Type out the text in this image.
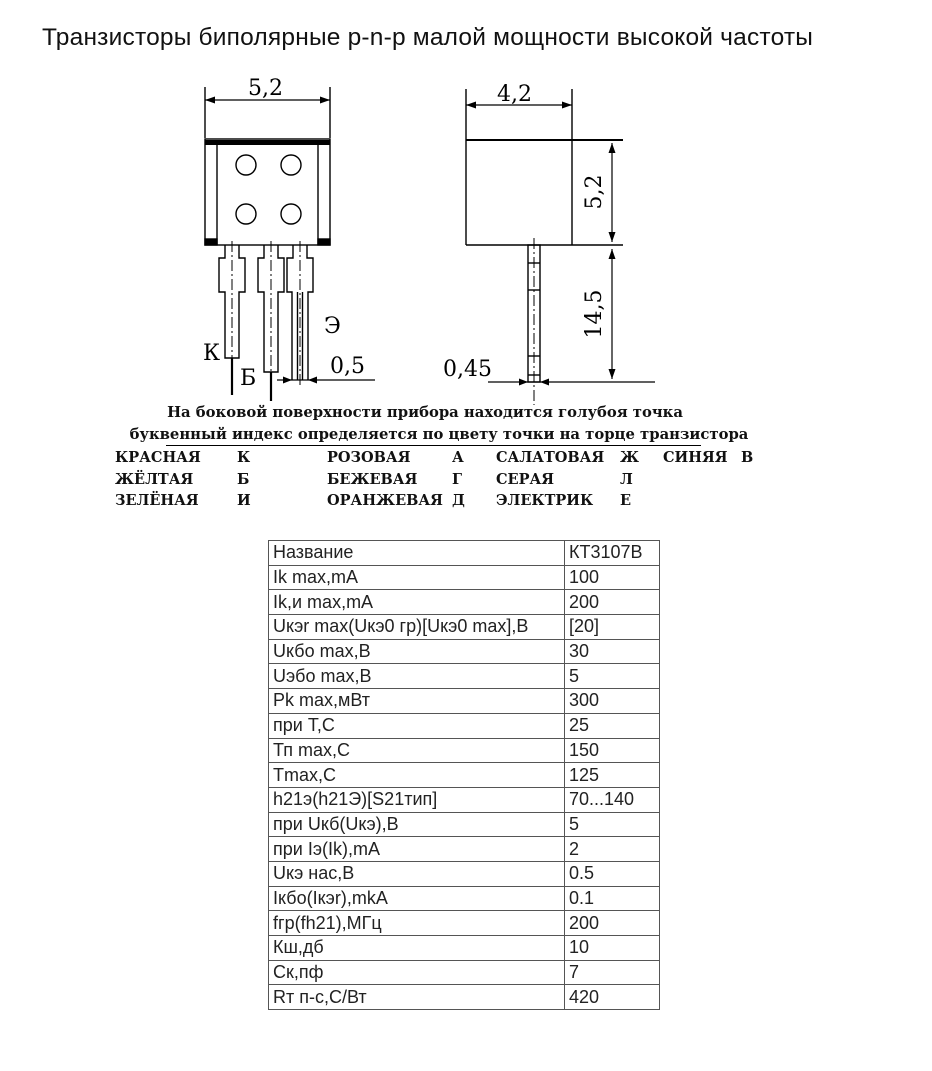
Транзисторы биполярные p-n-p малой мощности высокой частоты
5,2	4,2
0,5	0,45
К
Б
Э
5,2
14,5
На боковой поверхности прибора находится голубоя точка
буквенный индекс определяется по цвету точки на торце транзистора
КРАСНАЯ	К	РОЗОВАЯ	А	САЛАТОВАЯ	Ж	СИНЯЯ В
ЖЁЛТАЯ	Б	БЕЖЕВАЯ	Г	СЕРАЯ	Л
ЗЕЛЁНАЯ	И	ОРАНЖЕВАЯ Д	ЭЛЕКТРИК	Е
Название	КТ3107В
Ik max,mA	100
Ik,и max,mA	200
Uкэr max(Uкэ0 гр)[Uкэ0 max],В	[20]
Uкбо max,В	30
Uэбо max,В	5
Pk max,мВт	300
при Т,С	25
Тп max,С	150
Tmax,С	125
h21э(h21Э)[S21тип]	70...140
при Uкб(Uкэ),В	5
при Iэ(Ik),mA	2
Uкэ нас,В	0.5
Iкбо(Iкэr),mkA	0.1
fгр(fh21),МГц	200
Кш,дб	10
Ск,пф	7
Rт п-с,С/Вт	420
